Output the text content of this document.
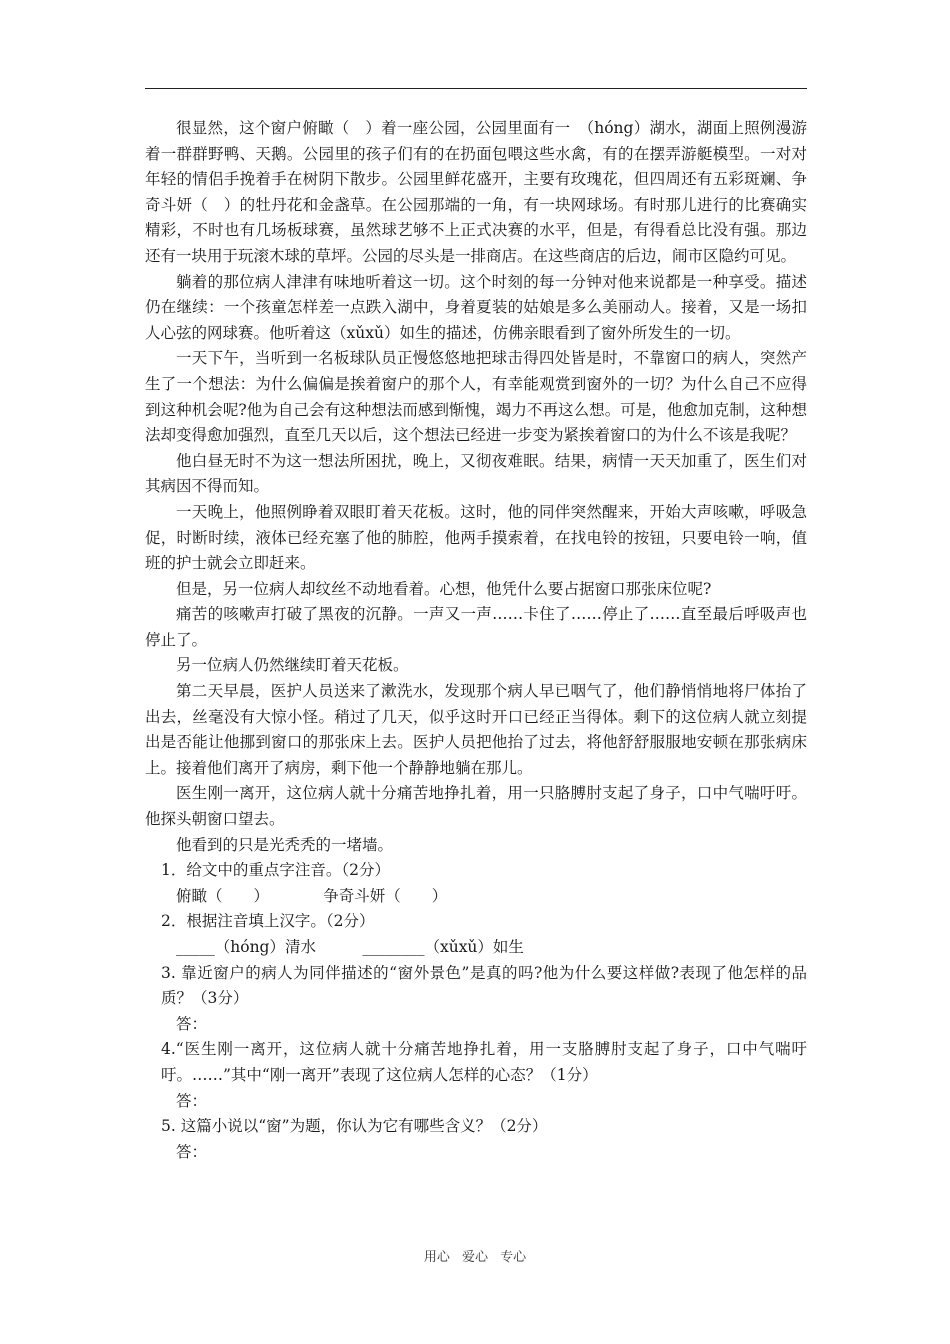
很显然，这个窗户俯瞰（　）着一座公园，公园里面有一　（hóng）湖水，湖面上照例漫游着一群群野鸭、天鹅。公园里的孩子们有的在扔面包喂这些水禽，有的在摆弄游艇模型。一对对年轻的情侣手挽着手在树阴下散步。公园里鲜花盛开，主要有玫瑰花，但四周还有五彩斑斓、争奇斗妍（　）的牡丹花和金盏草。在公园那端的一角，有一块网球场。有时那儿进行的比赛确实精彩，不时也有几场板球赛，虽然球艺够不上正式决赛的水平，但是，有得看总比没有强。那边还有一块用于玩滚木球的草坪。公园的尽头是一排商店。在这些商店的后边，闹市区隐约可见。

躺着的那位病人津津有味地听着这一切。这个时刻的每一分钟对他来说都是一种享受。描述仍在继续：一个孩童怎样差一点跌入湖中，身着夏装的姑娘是多么美丽动人。接着，又是一场扣人心弦的网球赛。他听着这（xǔxǔ）如生的描述，仿佛亲眼看到了窗外所发生的一切。

一天下午，当听到一名板球队员正慢悠悠地把球击得四处皆是时，不靠窗口的病人，突然产生了一个想法：为什么偏偏是挨着窗户的那个人，有幸能观赏到窗外的一切？为什么自己不应得到这种机会呢?他为自己会有这种想法而感到惭愧，竭力不再这么想。可是，他愈加克制，这种想法却变得愈加强烈，直至几天以后，这个想法已经进一步变为紧挨着窗口的为什么不该是我呢？

他白昼无时不为这一想法所困扰，晚上，又彻夜难眠。结果，病情一天天加重了，医生们对其病因不得而知。

一天晚上，他照例睁着双眼盯着天花板。这时，他的同伴突然醒来，开始大声咳嗽，呼吸急促，时断时续，液体已经充塞了他的肺腔，他两手摸索着，在找电铃的按钮，只要电铃一响，值班的护士就会立即赶来。

但是，另一位病人却纹丝不动地看着。心想，他凭什么要占据窗口那张床位呢?

痛苦的咳嗽声打破了黑夜的沉静。一声又一声……卡住了……停止了……直至最后呼吸声也停止了。

另一位病人仍然继续盯着天花板。

第二天早晨，医护人员送来了漱洗水，发现那个病人早已咽气了，他们静悄悄地将尸体抬了出去，丝毫没有大惊小怪。稍过了几天，似乎这时开口已经正当得体。剩下的这位病人就立刻提出是否能让他挪到窗口的那张床上去。医护人员把他抬了过去，将他舒舒服服地安顿在那张病床上。接着他们离开了病房，剩下他一个静静地躺在那儿。

医生刚一离开，这位病人就十分痛苦地挣扎着，用一只胳膊肘支起了身子，口中气喘吁吁。他探头朝窗口望去。

他看到的只是光秃秃的一堵墙。

1．给文中的重点字注音。（2分）

俯瞰（　　）　　　　争奇斗妍（　　）

2．根据注音填上汉字。（2分）

_____（hóng）清水　　　________（xǔxǔ）如生

3. 靠近窗户的病人为同伴描述的“窗外景色”是真的吗?他为什么要这样做?表现了他怎样的品质？（3分）

答：

4.“医生刚一离开，这位病人就十分痛苦地挣扎着，用一支胳膊肘支起了身子，口中气喘吁吁。……”其中“刚一离开”表现了这位病人怎样的心态？（1分）

答：

5. 这篇小说以“窗”为题，你认为它有哪些含义？（2分）

答：

用心 爱心 专心
